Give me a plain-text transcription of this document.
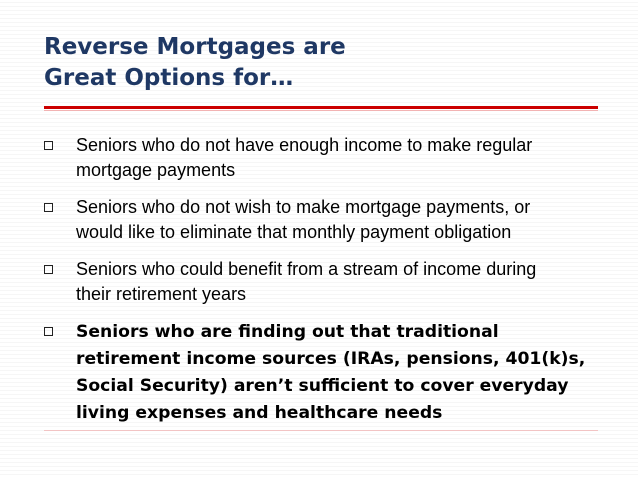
Reverse Mortgages are
Great Options for…
Seniors who do not have enough income to make regular
mortgage payments
Seniors who do not wish to make mortgage payments, or
would like to eliminate that monthly payment obligation
Seniors who could benefit from a stream of income during
their retirement years
Seniors who are finding out that traditional
retirement income sources (IRAs, pensions, 401(k)s,
Social Security) aren’t sufficient to cover everyday
living expenses and healthcare needs
